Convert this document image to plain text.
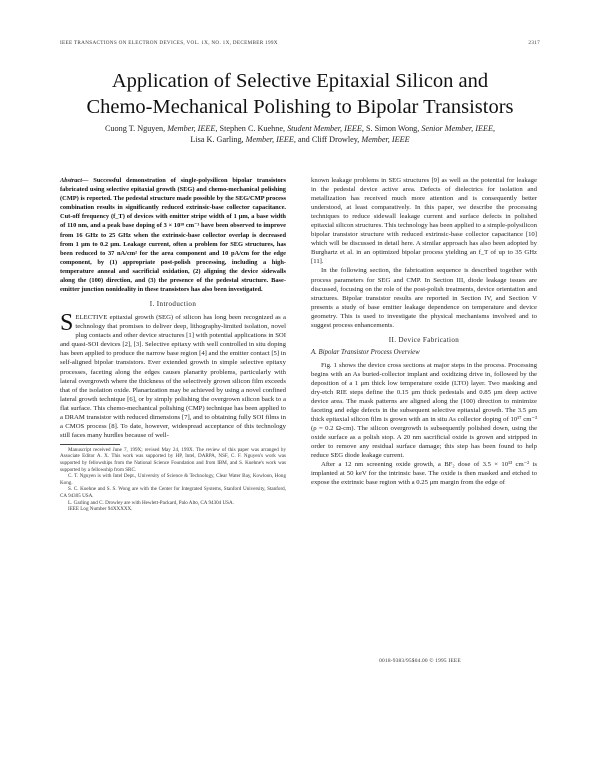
IEEE TRANSACTIONS ON ELECTRON DEVICES, VOL. 1X, NO. 1X, DECEMBER 199X	2317
Application of Selective Epitaxial Silicon and
Chemo-Mechanical Polishing to Bipolar Transistors
Cuong T. Nguyen, Member, IEEE, Stephen C. Kuehne, Student Member, IEEE, S. Simon Wong, Senior Member, IEEE,
Lisa K. Garling, Member, IEEE, and Cliff Drowley, Member, IEEE
Abstract— Successful demonstration of single-polysilicon bipolar transistors fabricated using selective epitaxial growth (SEG) and chemo-mechanical polishing (CMP) is reported. The pedestal structure made possible by the SEG/CMP process combination results in significantly reduced extrinsic-base collector capacitance. Cut-off frequency (f_T) of devices with emitter stripe width of 1 μm, a base width of 110 nm, and a peak base doping of 3 × 10¹⁸ cm⁻³ have been observed to improve from 16 GHz to 25 GHz when the extrinsic-base collector overlap is decreased from 1 μm to 0.2 μm. Leakage current, often a problem for SEG structures, has been reduced to 37 nA/cm² for the area component and 10 pA/cm for the edge component, by (1) appropriate post-polish processing, including a high-temperature anneal and sacrificial oxidation, (2) aligning the device sidewalls along the (100) direction, and (3) the presence of the pedestal structure. Base-emitter junction nonideality in these transistors has also been investigated.
I. Introduction

SELECTIVE epitaxial growth (SEG) of silicon has long been recognized as a technology that promises to deliver deep, lithography-limited isolation, novel plug contacts and other device structures [1] with potential applications in SOI and quasi-SOI devices [2], [3]. Selective epitaxy with well controlled in situ doping has been applied to produce the narrow base region [4] and the emitter contact [5] in self-aligned bipolar transistors. Ever extended growth in simple selective epitaxy processes, faceting along the edges causes planarity problems, particularly with lateral overgrowth where the thickness of the selectively grown silicon film exceeds that of the isolation oxide. Planarization may be achieved by using a novel confined lateral growth technique [6], or by simply polishing the overgrown silicon back to a flat surface. This chemo-mechanical polishing (CMP) technique has been applied to a DRAM transistor with reduced dimensions [7], and to obtaining fully SOI films in a CMOS process [8]. To date, however, widespread acceptance of this technology still faces many hurdles because of well-

Manuscript received June 7, 199X; revised May 24, 199X. The review of this paper was arranged by Associate Editor A. X. This work was supported by HP, Intel, DARPA, NSF, C. F. Nguyen's work was supported by fellowships from the National Science Foundation and from IBM, and S. Kuehne's work was supported by a fellowship from SRC.

C. T. Nguyen is with Intel Dept., University of Science & Technology, Clear Water Bay, Kowloon, Hong Kong.

S. C. Kuehne and S. S. Wong are with the Center for Integrated Systems, Stanford University, Stanford, CA 94305 USA.

L. Garling and C. Drowley are with Hewlett-Packard, Palo Alto, CA 94304 USA.

IEEE Log Number 94XXXXX.

known leakage problems in SEG structures [9] as well as the potential for leakage in the pedestal device active area. Defects of dielectrics for isolation and metallization has received much more attention and is consequently better understood, at least comparatively. In this paper, we describe the processing techniques to reduce sidewall leakage current and surface defects in polished epitaxial silicon structures. This technology has been applied to a simple-polysilicon bipolar transistor structure with reduced extrinsic-base collector capacitance [10] which will be discussed in detail here. A similar approach has also been adopted by Burghartz et al. in an optimized bipolar process yielding an f_T of up to 35 GHz [11].

In the following section, the fabrication sequence is described together with process parameters for SEG and CMP. In Section III, diode leakage issues are discussed, focusing on the role of the post-polish treatments, device orientation and structures. Bipolar transistor results are reported in Section IV, and Section V presents a study of base emitter leakage dependence on temperature and device geometry. This is used to investigate the physical mechanisms involved and to suggest process enhancements.

II. Device Fabrication
A. Bipolar Transistor Process Overview

Fig. 1 shows the device cross sections at major steps in the process. Processing begins with an As buried-collector implant and oxidizing drive in, followed by the deposition of a 1 μm thick low temperature oxide (LTO) layer. Two masking and dry-etch RIE steps define the 0.15 μm thick pedestals and 0.85 μm deep active device area. The mask patterns are aligned along the (100) direction to minimize faceting and edge defects in the subsequent selective epitaxial growth. The 3.5 μm thick epitaxial silicon film is grown with an in situ As collector doping of 10¹⁷ cm⁻³ (ρ = 0.2 Ω-cm). The silicon overgrowth is subsequently polished down, using the oxide surface as a polish stop. A 20 nm sacrificial oxide is grown and stripped in order to remove any residual surface damage; this step has been found to help reduce SEG diode leakage current.

After a 12 nm screening oxide growth, a BF₂ dose of 3.5 × 10¹³ cm⁻² is implanted at 50 keV for the intrinsic base. The oxide is then masked and etched to expose the extrinsic base region with a 0.25 μm margin from the edge of

0018-9383/95$04.00 © 1995 IEEE
